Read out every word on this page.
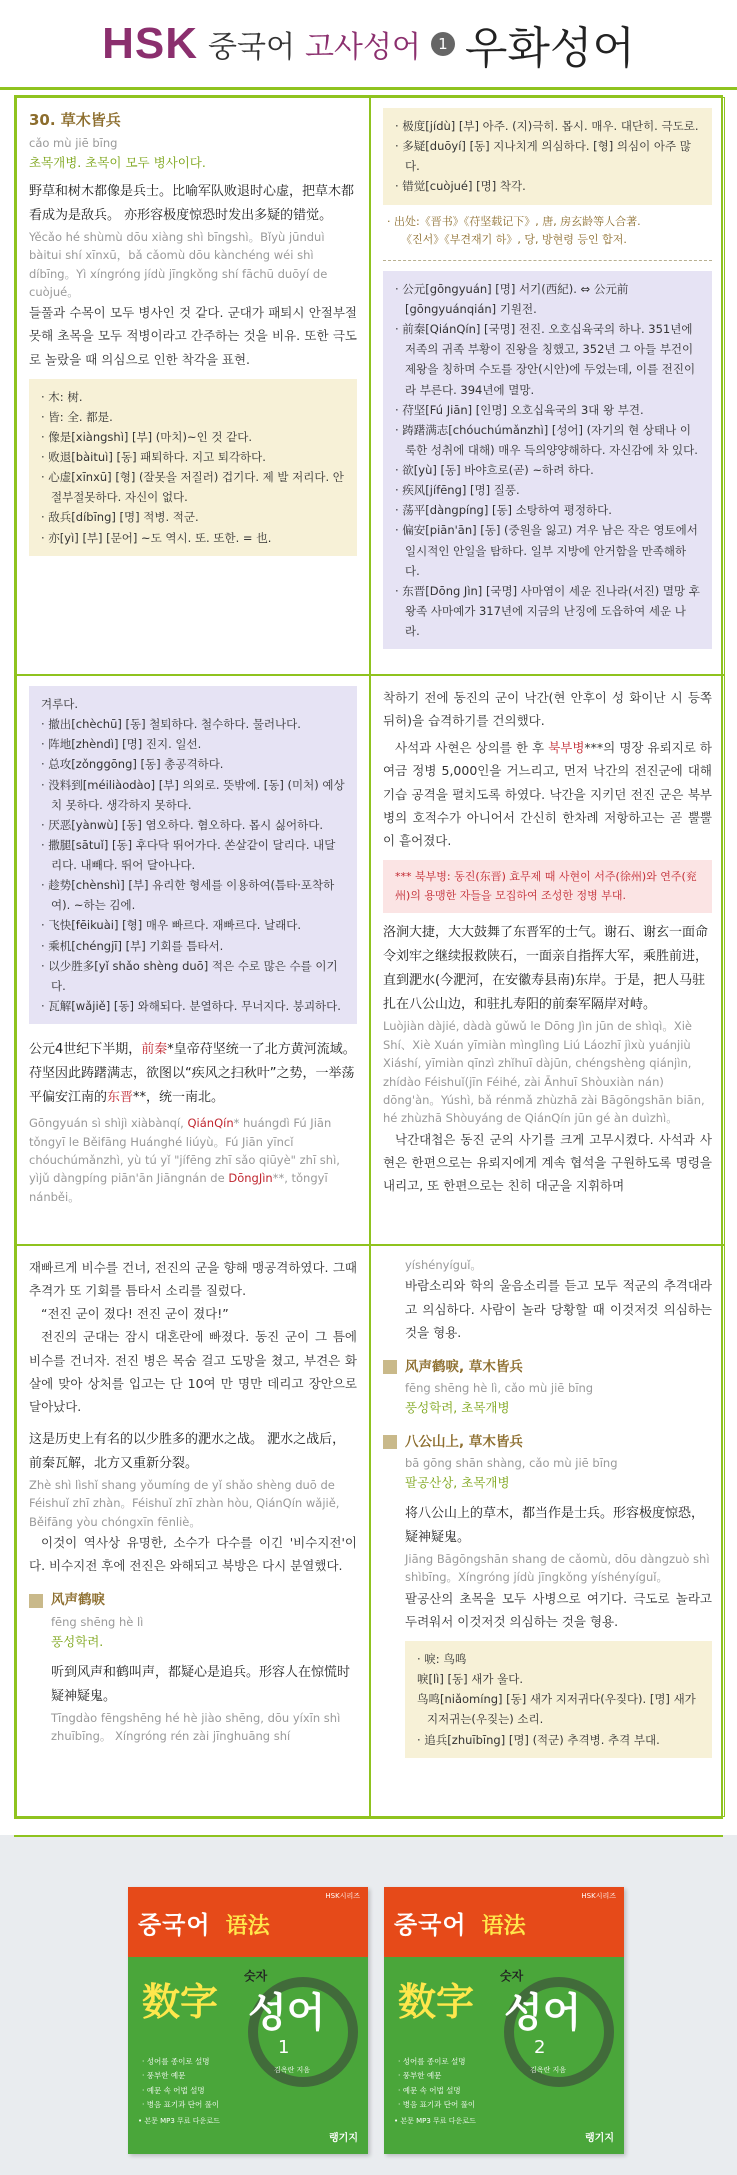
HSK 중국어 고사성어	1 우화성어
30. 草木皆兵
cǎo mù jiē bīng
초목개병. 초목이 모두 병사이다.
野草和树木都像是兵士。比喻军队败退时心虚，把草木都看成为是敌兵。 亦形容极度惊恐时发出多疑的错觉。
Yěcǎo hé shùmù dōu xiàng shì bīngshì。Bǐyù jūnduì bàitui shí xīnxū，bǎ cǎomù dōu kànchéng wéi shì díbīng。Yì xíngróng jídù jīngkǒng shí fāchū duōyí de cuòjué。
들풀과 수목이 모두 병사인 것 같다. 군대가 패퇴시 안절부절못해 초목을 모두 적병이라고 간주하는 것을 비유. 또한 극도로 놀랐을 때 의심으로 인한 착각을 표현.
· 木: 树.
· 皆: 全. 都是.
· 像是[xiàngshì] [부] (마치)~인 것 같다.
· 败退[bàituì] [동] 패퇴하다. 지고 퇴각하다.
· 心虚[xīnxū] [형] (잘못을 저질러) 겁기다. 제 발 저리다. 안절부절못하다. 자신이 없다.
· 敌兵[díbīng] [명] 적병. 적군.
· 亦[yì] [부] [문어] ~도 역시. 또. 또한. = 也.
· 极度[jídù] [부] 아주. (지)극히. 몹시. 매우. 대단히. 극도로.
· 多疑[duōyí] [동] 지나치게 의심하다. [형] 의심이 아주 많다.
· 错觉[cuòjué] [명] 착각.
· 出处:《晋书》《苻坚载记下》, 唐, 房玄龄等人合著.
《진서》《부견재기 하》, 당, 방현령 등인 합저.
· 公元[gōngyuán] [명] 서기(西紀). ⇔ 公元前[gōngyuánqián] 기원전.
· 前秦[QiánQín] [국명] 전진. 오호십육국의 하나. 351년에 저족의 귀족 부황이 진왕을 칭했고, 352년 그 아들 부건이 제왕을 칭하며 수도를 장안(시안)에 두었는데, 이를 전진이라 부른다. 394년에 멸망.
· 苻坚[Fú Jiān] [인명] 오호십육국의 3대 왕 부견.
· 踌躇满志[chóuchúmǎnzhì] [성어] (자기의 현 상태나 이룩한 성취에 대해) 매우 득의양양해하다. 자신감에 차 있다.
· 欲[yù] [동] 바야흐로(곧) ~하려 하다.
· 疾风[jífēng] [명] 질풍.
· 荡平[dàngpíng] [동] 소탕하여 평정하다.
· 偏安[piān'ān] [동] (중원을 잃고) 겨우 남은 작은 영토에서 일시적인 안일을 탐하다. 일부 지방에 안거함을 만족해하다.
· 东晋[Dōng Jìn] [국명] 사마염이 세운 진나라(서진) 멸망 후 왕족 사마예가 317년에 지금의 난징에 도읍하여 세운 나라.
겨루다.
· 撤出[chèchū] [동] 철퇴하다. 철수하다. 물러나다.
· 阵地[zhèndì] [명] 진지. 일선.
· 总攻[zǒnggōng] [동] 총공격하다.
· 没料到[méiliàodào] [부] 의외로. 뜻밖에. [동] (미처) 예상치 못하다. 생각하지 못하다.
· 厌恶[yànwù] [동] 염오하다. 혐오하다. 몹시 싫어하다.
· 撒腿[sātuǐ] [동] 후다닥 뛰어가다. 쏜살같이 달리다. 내달리다. 내빼다. 뛰어 달아나다.
· 趁势[chènshì] [부] 유리한 형세를 이용하여(틈타·포착하여). ~하는 김에.
· 飞快[fēikuài] [형] 매우 빠르다. 재빠르다. 날래다.
· 乘机[chéngjī] [부] 기회를 틈타서.
· 以少胜多[yǐ shǎo shèng duō] 적은 수로 많은 수를 이기다.
· 瓦解[wǎjiě] [동] 와해되다. 분열하다. 무너지다. 붕괴하다.
公元4世纪下半期，前秦*皇帝苻坚统一了北方黄河流域。苻坚因此踌躇满志，欲图以“疾风之扫秋叶”之势，一举荡平偏安江南的东晋**，统一南北。
Gōngyuán sì shìjì xiàbànqí, QiánQín* huángdì Fú Jiān tǒngyī le Běifāng Huánghé liúyù。Fú Jiān yīncǐ chóuchúmǎnzhì, yù tú yǐ "jífēng zhī sǎo qiūyè" zhī shì, yìjǔ dàngpíng piān'ān Jiāngnán de DōngJìn**, tǒngyī nánběi。
착하기 전에 동진의 군이 낙간(현 안후이 성 화이난 시 등쪽 뒤허)을 습격하기를 건의했다.
사석과 사현은 상의를 한 후 북부병***의 명장 유뢰지로 하여금 정병 5,000인을 거느리고, 먼저 낙간의 전진군에 대해 기습 공격을 펼치도록 하였다. 낙간을 지키던 전진 군은 북부병의 호적수가 아니어서 간신히 한차례 저항하고는 곧 뿔뿔이 흩어졌다.
*** 북부병: 동진(东晋) 효무제 때 사현이 서주(徐州)와 연주(兖州)의 용맹한 자들을 모집하여 조성한 정병 부대.
洛涧大捷，大大鼓舞了东晋军的士气。谢石、谢玄一面命令刘牢之继续报救陕石，一面亲自指挥大军，乘胜前进，直到淝水(今淝河，在安徽寿县南)东岸。于是，把人马驻扎在八公山边，和驻扎寿阳的前秦军隔岸对峙。
Luòjiàn dàjié, dàdà gǔwǔ le Dōng Jìn jūn de shìqì。Xiè Shí、Xiè Xuán yīmiàn mìnglìng Liú Láozhī jìxù yuánjiù Xiáshí, yīmiàn qīnzì zhǐhuī dàjūn, chéngshèng qiánjìn, zhídào Féishuǐ(jīn Féihé, zài Ānhuī Shòuxiàn nán) dōng'àn。Yúshì, bǎ rénmǎ zhùzhā zài Bāgōngshān biān, hé zhùzhā Shòuyáng de QiánQín jūn gé àn duìzhì。
낙간대첩은 동진 군의 사기를 크게 고무시켰다. 사석과 사현은 한편으로는 유뢰지에게 계속 협석을 구원하도록 명령을 내리고, 또 한편으로는 친히 대군을 지휘하며
재빠르게 비수를 건너, 전진의 군을 향해 맹공격하였다. 그때 추격가 또 기회를 틈타서 소리를 질렀다.
“전진 군이 졌다! 전진 군이 졌다!”
전진의 군대는 잠시 대혼란에 빠졌다. 동진 군이 그 틈에 비수를 건너자. 전진 병은 목숨 걸고 도망을 쳤고, 부견은 화살에 맞아 상처를 입고는 단 10여 만 명만 데리고 장안으로 달아났다.
这是历史上有名的以少胜多的淝水之战。 淝水之战后，前秦瓦解，北方又重新分裂。
Zhè shì lìshǐ shang yǒumíng de yǐ shǎo shèng duō de Féishuǐ zhī zhàn。Féishuǐ zhī zhàn hòu, QiánQín wǎjiě, Běifāng yòu chóngxīn fēnliè。
이것이 역사상 유명한, 소수가 다수를 이긴 '비수지전'이다. 비수지전 후에 전진은 와해되고 북방은 다시 분열했다.
风声鹤唳
fēng shēng hè lì
풍성학려.
听到风声和鹤叫声，都疑心是追兵。形容人在惊慌时疑神疑鬼。
Tīngdào fēngshēng hé hè jiào shēng, dōu yíxīn shì zhuībīng。 Xíngróng rén zài jīnghuāng shí
yíshényíguǐ。
바람소리와 학의 울음소리를 듣고 모두 적군의 추격대라고 의심하다. 사람이 놀라 당황할 때 이것저것 의심하는 것을 형용.
风声鹤唳, 草木皆兵
fēng shēng hè lì, cǎo mù jiē bīng
풍성학려, 초목개병
八公山上, 草木皆兵
bā gōng shān shàng, cǎo mù jiē bīng
팔공산상, 초목개병
将八公山上的草木，都当作是士兵。形容极度惊恐，疑神疑鬼。
Jiāng Bāgōngshān shang de cǎomù, dōu dàngzuò shì shìbīng。Xíngróng jídù jīngkǒng yíshényíguǐ。
팔공산의 초목을 모두 사병으로 여기다. 극도로 놀라고 두려워서 이것저것 의심하는 것을 형용.
· 唳: 鸟鸣
唳[lì] [동] 새가 울다.
鸟鸣[niǎomíng] [동] 새가 지저귀다(우짖다). [명] 새가 지저귀는(우짖는) 소리.
· 追兵[zhuībīng] [명] (적군) 추격병. 추격 부대.
HSK시리즈
중국어 语法
数字
숫자
성어
1
김옥란 지음
· 성어를 종이로 설명
· 풍부한 예문
· 예문 속 어법 설명
· 병음 표기과 단어 풀이
• 본문 MP3 무료 다운로드
랭기지
HSK시리즈
중국어 语法
数字
숫자
성어
2
김옥란 지음
· 성어를 종이로 설명
· 풍부한 예문
· 예문 속 어법 설명
· 병음 표기과 단어 풀이
• 본문 MP3 무료 다운로드
랭기지
